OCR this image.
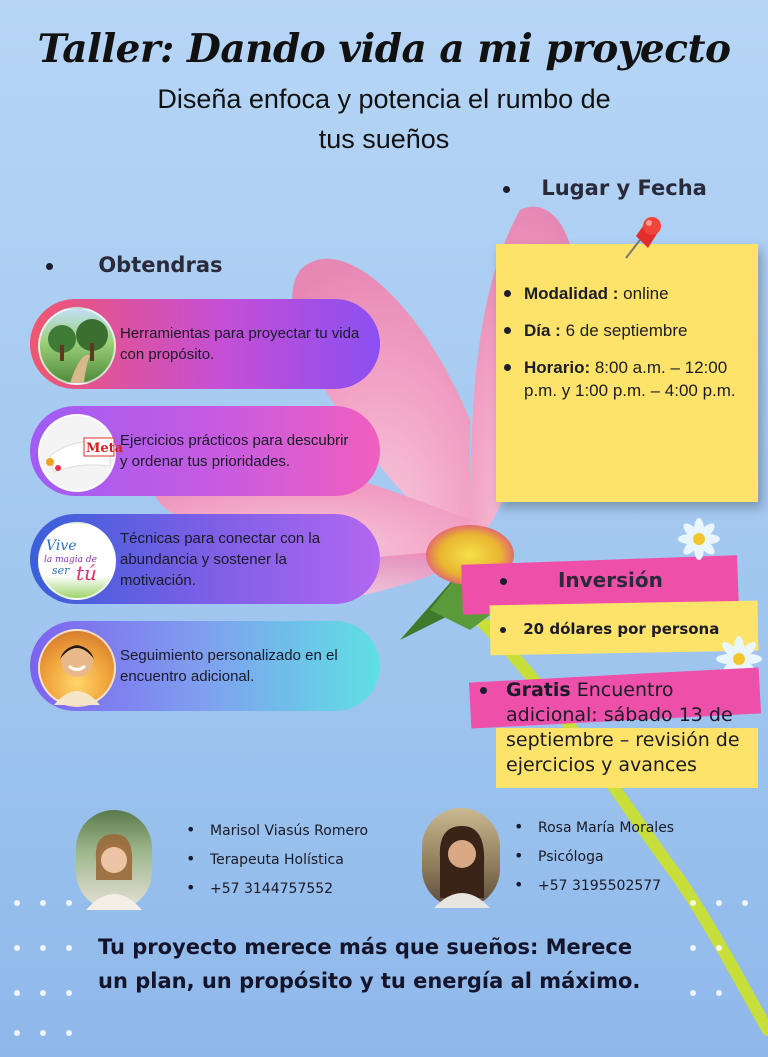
Taller: Dando vida a mi proyecto
Diseña enfoca y potencia el rumbo de
tus sueños
Obtendras
Herramientas para proyectar tu vida con propósito.
Meta
Ejercicios prácticos para descubrir y ordenar tus prioridades.
Vive
la magia de
ser tú
Técnicas para conectar con la abundancia y sostener la motivación.
Seguimiento personalizado en el encuentro adicional.
Lugar y Fecha
Modalidad : online
Día : 6 de septiembre
Horario: 8:00 a.m. – 12:00 p.m. y 1:00 p.m. – 4:00 p.m.
Inversión
20 dólares por persona
Gratis Encuentro adicional: sábado 13 de septiembre – revisión de ejercicios y avances
• Marisol Viasús Romero
• Terapeuta Holística
• +57 3144757552
• Rosa María Morales
• Psicóloga
• +57 3195502577
Tu proyecto merece más que sueños: Merece
un plan, un propósito y tu energía al máximo.
